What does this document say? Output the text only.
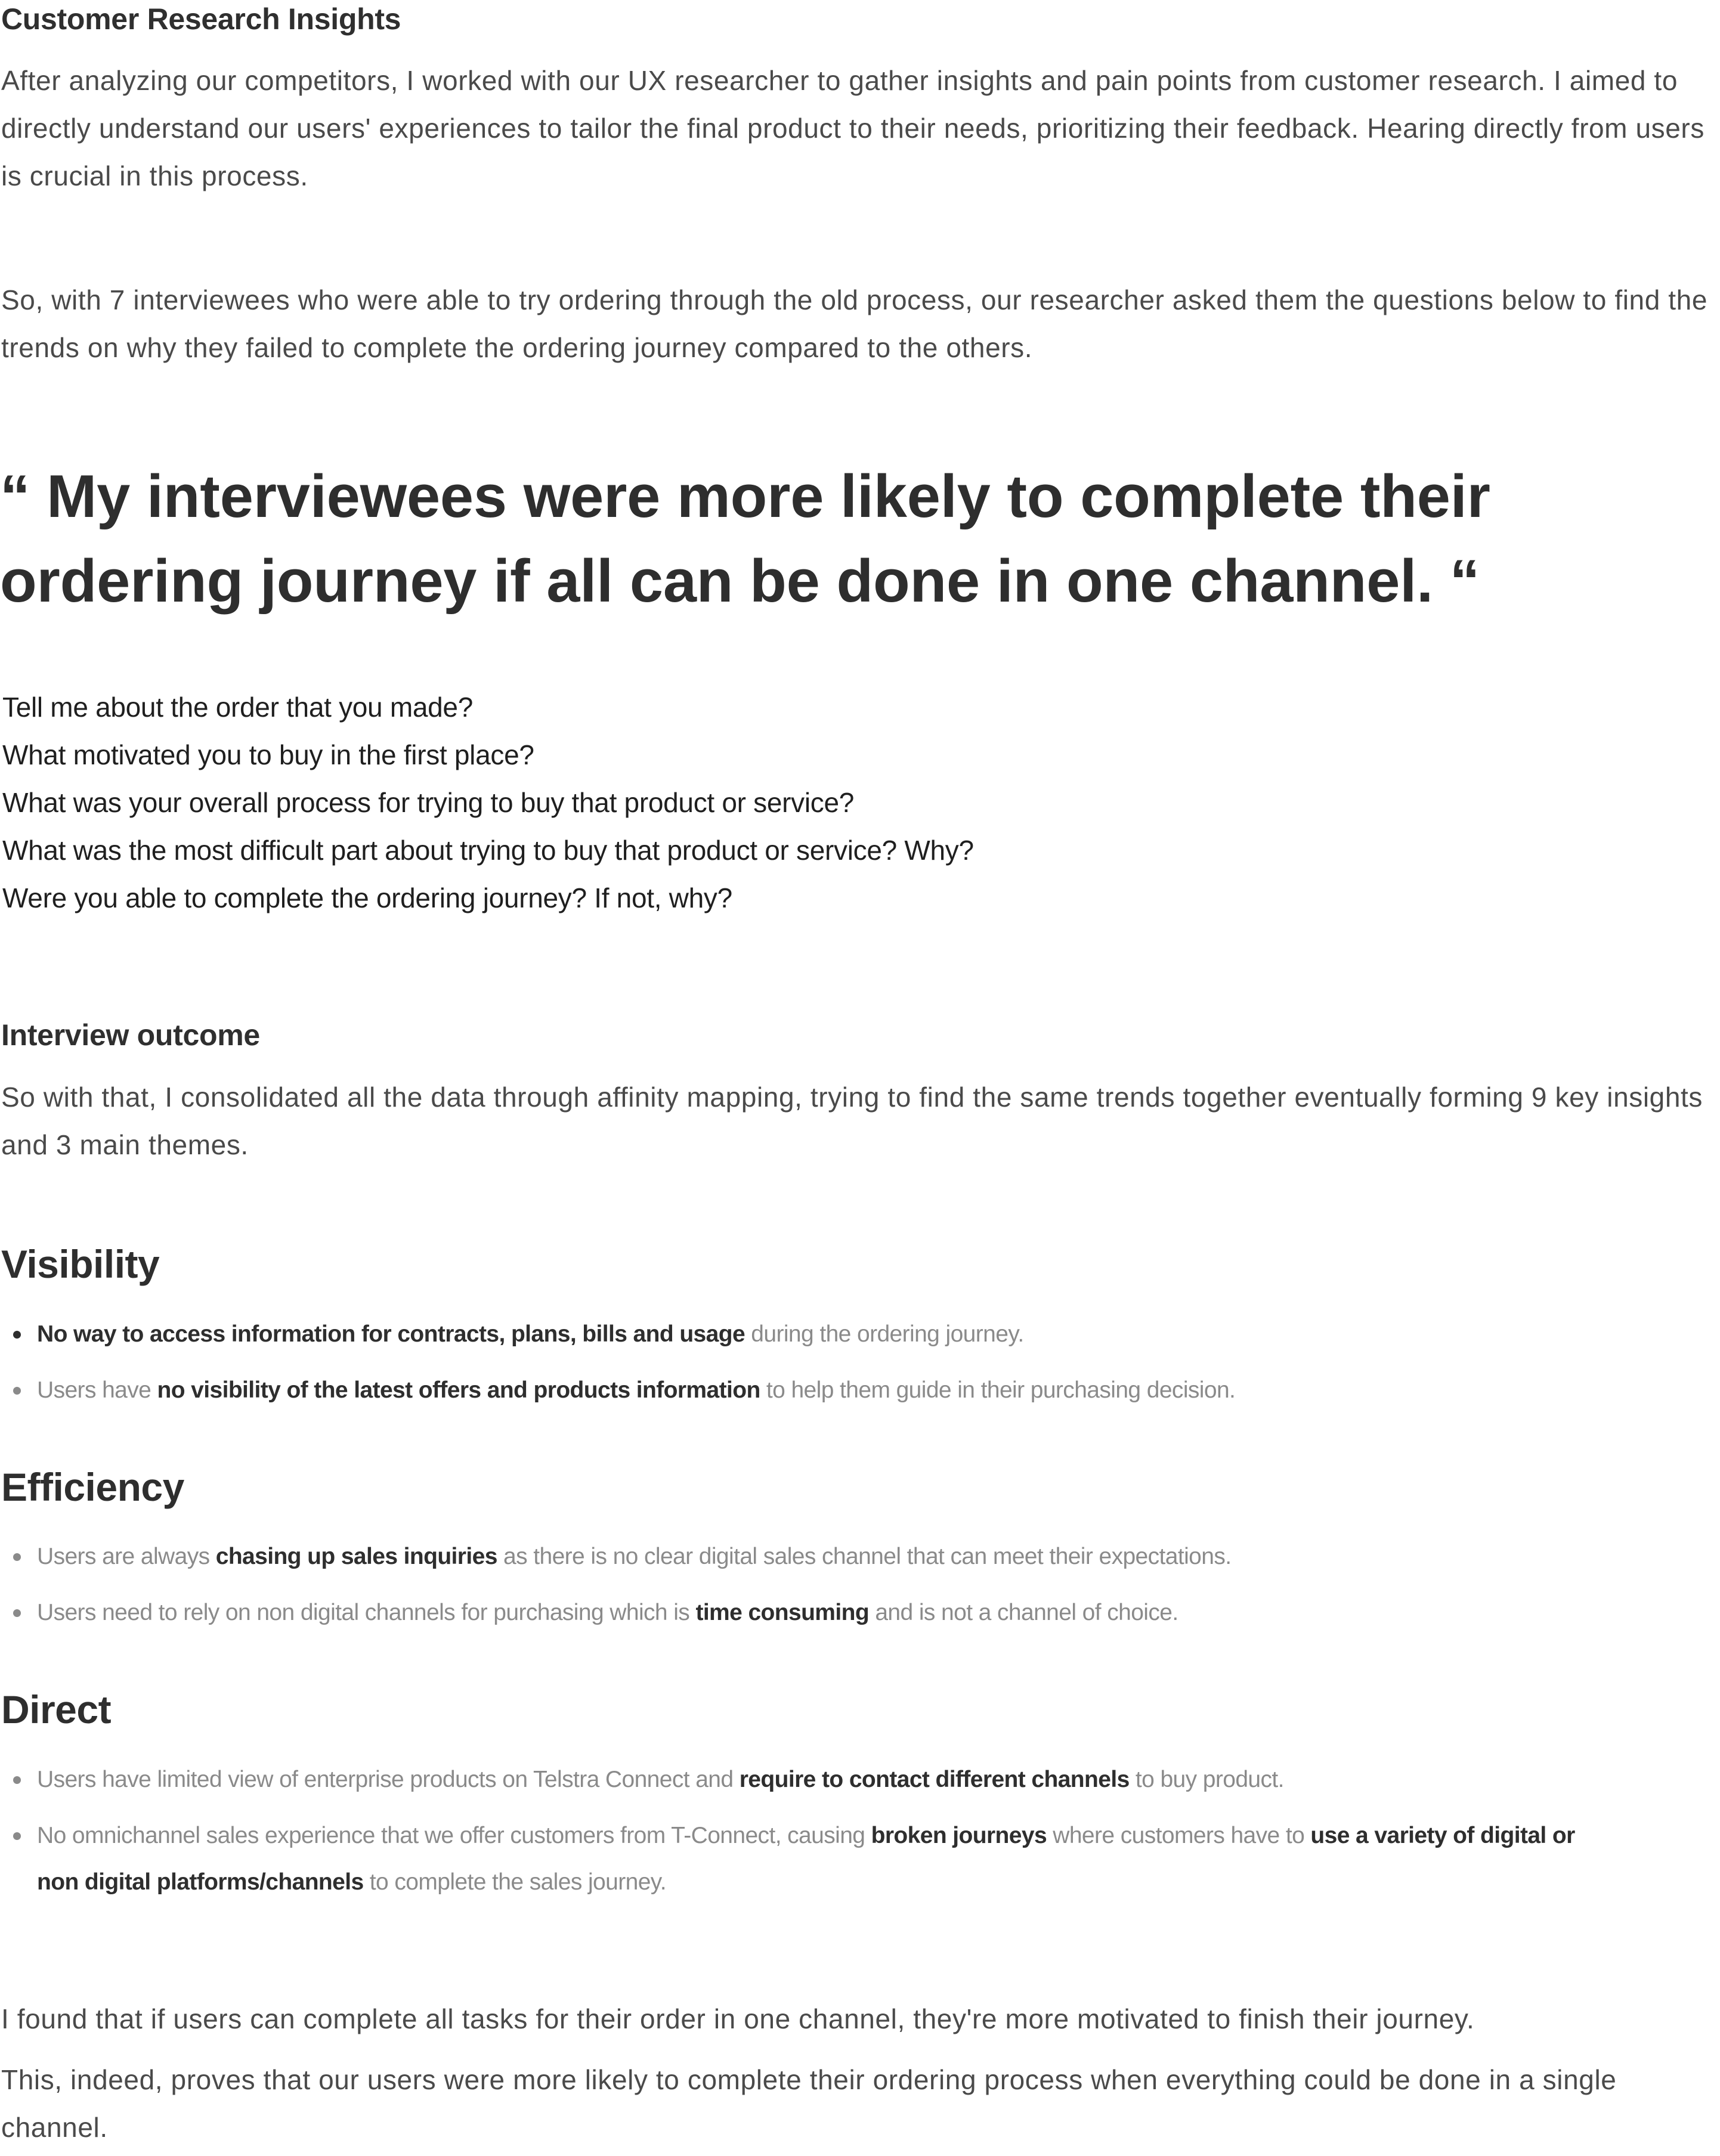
Customer Research Insights

After analyzing our competitors, I worked with our UX researcher to gather insights and pain points from customer research. I aimed to directly understand our users' experiences to tailor the final product to their needs, prioritizing their feedback. Hearing directly from users is crucial in this process.

So, with 7 interviewees who were able to try ordering through the old process, our researcher asked them the questions below to find the trends on why they failed to complete the ordering journey compared to the others.

“ My interviewees were more likely to complete their ordering journey if all can be done in one channel. “
Tell me about the order that you made?
What motivated you to buy in the first place?
What was your overall process for trying to buy that product or service?
What was the most difficult part about trying to buy that product or service? Why?
Were you able to complete the ordering journey? If not, why?
Interview outcome

So with that, I consolidated all the data through affinity mapping, trying to find the same trends together eventually forming 9 key insights and 3 main themes.

Visibility
No way to access information for contracts, plans, bills and usage during the ordering journey.
Users have no visibility of the latest offers and products information to help them guide in their purchasing decision.
Efficiency
Users are always chasing up sales inquiries as there is no clear digital sales channel that can meet their expectations.
Users need to rely on non digital channels for purchasing which is time consuming and is not a channel of choice.
Direct
Users have limited view of enterprise products on Telstra Connect and require to contact different channels to buy product.
No omnichannel sales experience that we offer customers from T-Connect, causing broken journeys where customers have to use a variety of digital or non digital platforms/channels to complete the sales journey.

I found that if users can complete all tasks for their order in one channel, they're more motivated to finish their journey.

This, indeed, proves that our users were more likely to complete their ordering process when everything could be done in a single channel.
